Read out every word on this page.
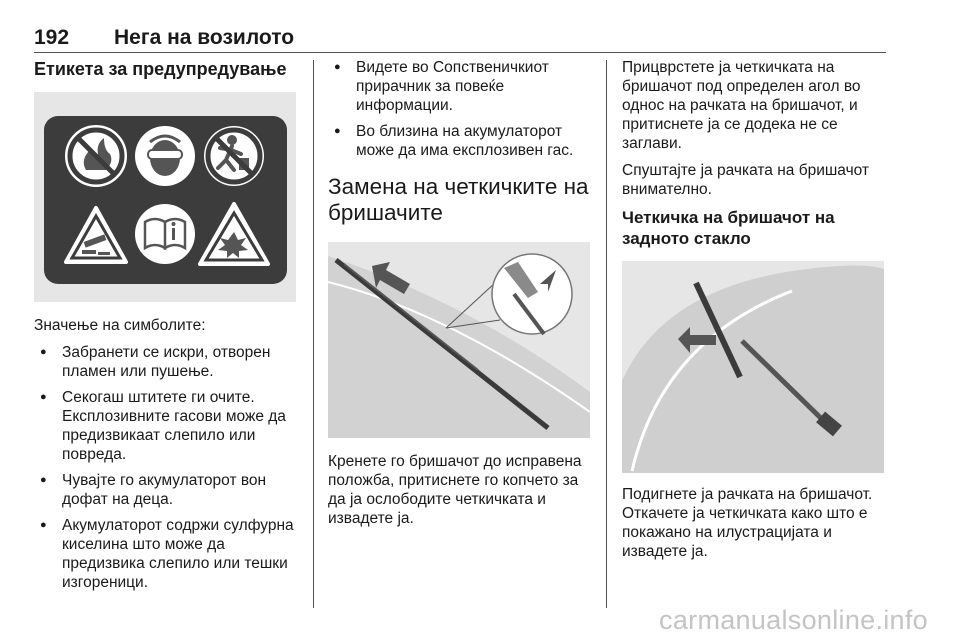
192 Нега на возилото
Етикета за предупредување

Значење на симболите:

● Забранети се искри, отворен пламен или пушење.
● Секогаш штитете ги очите. Експлозивните гасови може да предизвикаат слепило или повреда.
● Чувајте го акумулаторот вон дофат на деца.
● Акумулаторот содржи сулфурна киселина што може да предизвика слепило или тешки изгореници.
● Видете во Сопственичкиот прирачник за повеќе информации.
● Во близина на акумулаторот може да има експлозивен гас.
Замена на четкичките на бришачите

Кренете го бришачот до исправена положба, притиснете го копчето за да ја ослободите четкичката и извадете ја.

Прицврстете ја четкичката на бришачот под определен агол во однос на рачката на бришачот, и притиснете ја се додека не се заглави.

Спуштајте ја рачката на бришачот внимателно.

Четкичка на бришачот на задното стакло

Подигнете ја рачката на бришачот. Откачете ја четкичката како што е покажано на илустрацијата и извадете ја.

carmanualsonline.info
